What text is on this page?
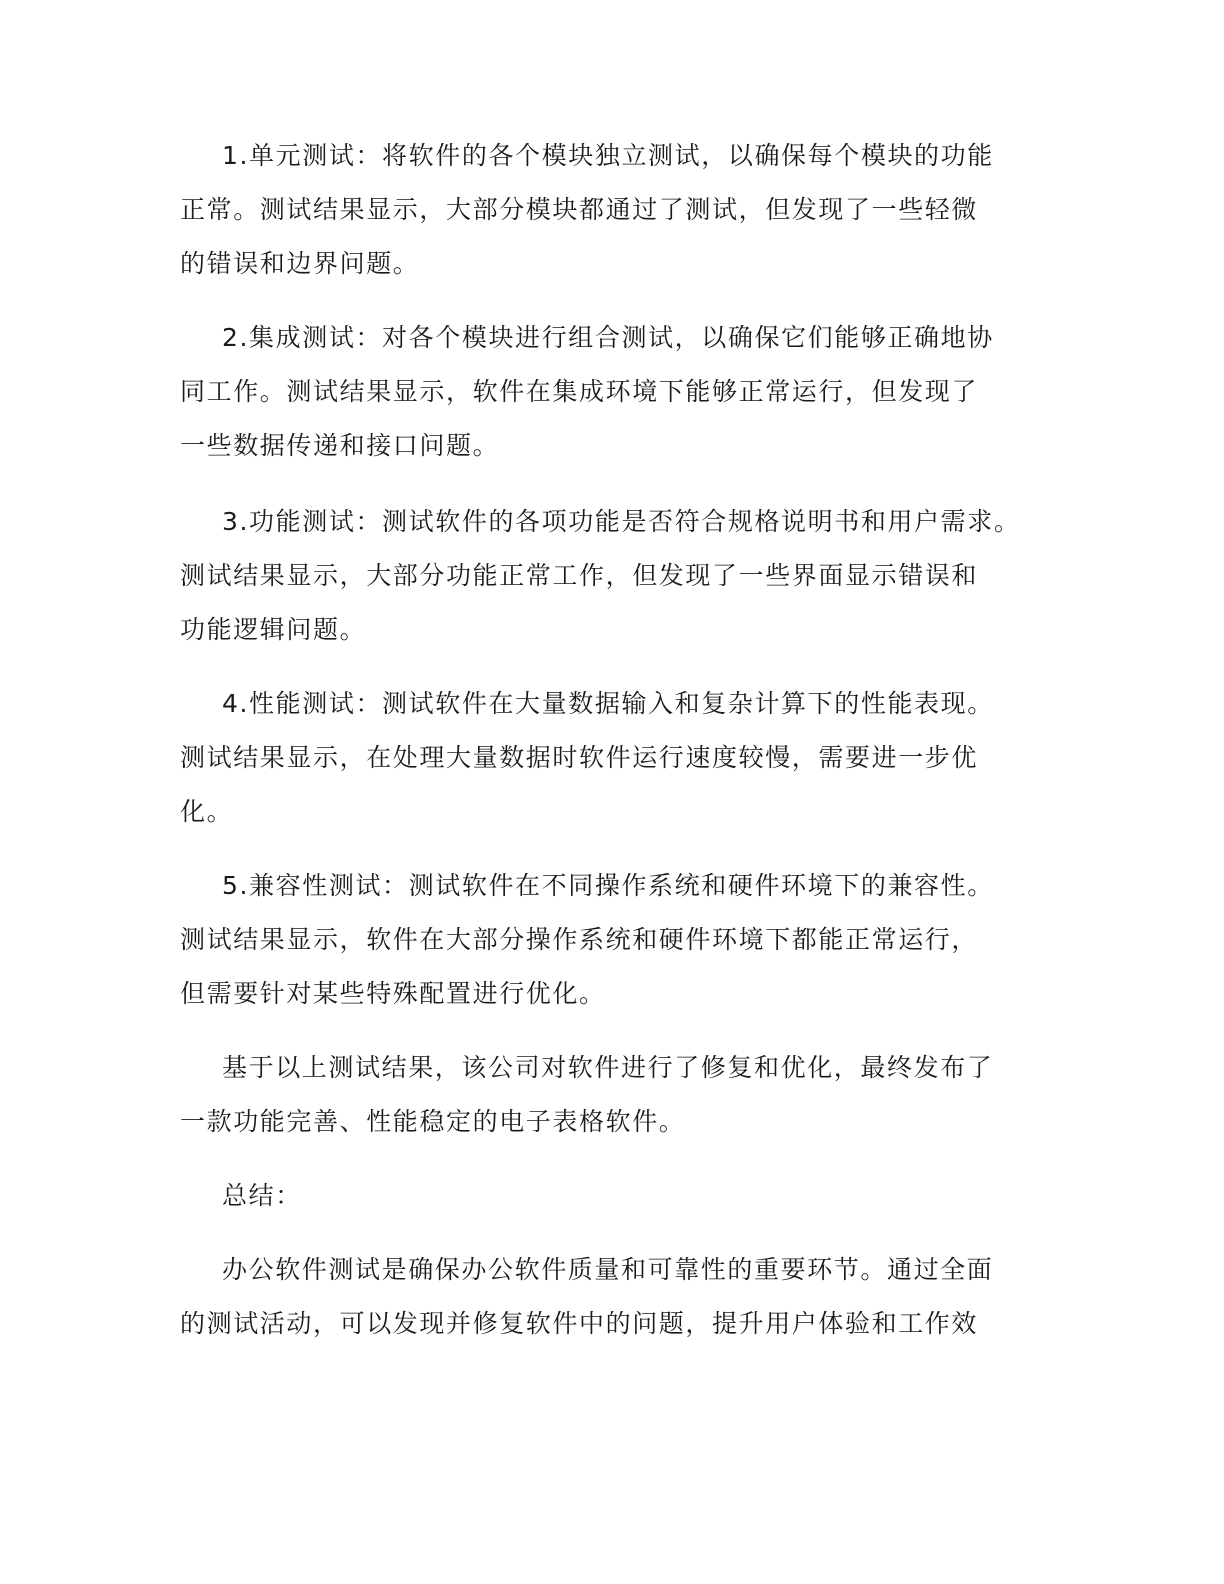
1.单元测试：将软件的各个模块独立测试，以确保每个模块的功能
正常。测试结果显示，大部分模块都通过了测试，但发现了一些轻微
的错误和边界问题。
2.集成测试：对各个模块进行组合测试，以确保它们能够正确地协
同工作。测试结果显示，软件在集成环境下能够正常运行，但发现了
一些数据传递和接口问题。
3.功能测试：测试软件的各项功能是否符合规格说明书和用户需求。
测试结果显示，大部分功能正常工作，但发现了一些界面显示错误和
功能逻辑问题。
4.性能测试：测试软件在大量数据输入和复杂计算下的性能表现。
测试结果显示，在处理大量数据时软件运行速度较慢，需要进一步优
化。
5.兼容性测试：测试软件在不同操作系统和硬件环境下的兼容性。
测试结果显示，软件在大部分操作系统和硬件环境下都能正常运行，
但需要针对某些特殊配置进行优化。
基于以上测试结果，该公司对软件进行了修复和优化，最终发布了
一款功能完善、性能稳定的电子表格软件。
总结：
办公软件测试是确保办公软件质量和可靠性的重要环节。通过全面
的测试活动，可以发现并修复软件中的问题，提升用户体验和工作效
